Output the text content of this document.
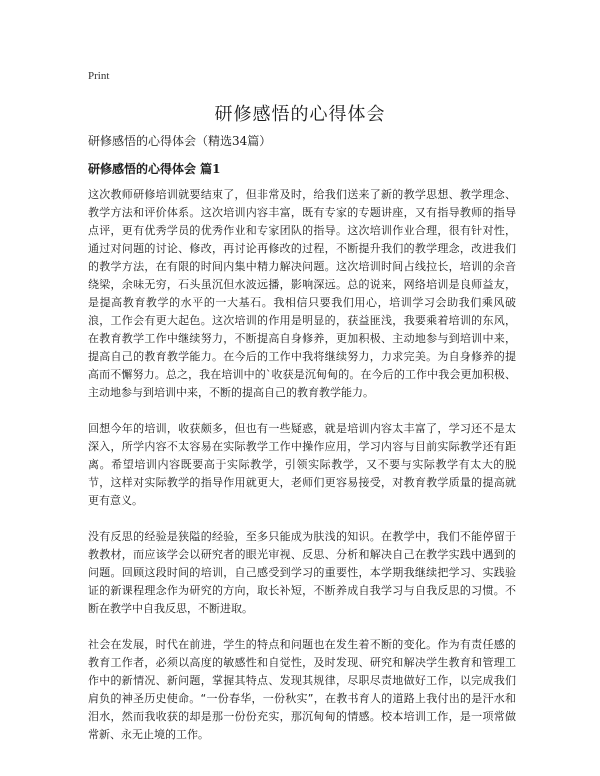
Print
研修感悟的心得体会

研修感悟的心得体会（精选34篇）

研修感悟的心得体会 篇1

这次教师研修培训就要结束了，但非常及时，给我们送来了新的教学思想、教学理念、教学方法和评价体系。这次培训内容丰富，既有专家的专题讲座，又有指导教师的指导点评，更有优秀学员的优秀作业和专家团队的指导。这次培训作业合理，很有针对性，通过对问题的讨论、修改，再讨论再修改的过程，不断提升我们的教学理念，改进我们的教学方法，在有限的时间内集中精力解决问题。这次培训时间占线拉长，培训的余音绕梁，余味无穷，石头虽沉但水波远播，影响深远。总的说来，网络培训是良师益友，是提高教育教学的水平的一大基石。我相信只要我们用心，培训学习会助我们乘风破浪，工作会有更大起色。这次培训的作用是明显的，获益匪浅，我要乘着培训的东风，在教育教学工作中继续努力，不断提高自身修养，更加积极、主动地参与到培训中来，提高自己的教育教学能力。在今后的工作中我将继续努力，力求完美。为自身修养的提高而不懈努力。总之，我在培训中的`收获是沉甸甸的。在今后的工作中我会更加积极、主动地参与到培训中来，不断的提高自己的教育教学能力。

回想今年的培训，收获颇多，但也有一些疑惑，就是培训内容太丰富了，学习还不是太深入，所学内容不太容易在实际教学工作中操作应用，学习内容与目前实际教学还有距离。希望培训内容既要高于实际教学，引领实际教学，又不要与实际教学有太大的脱节，这样对实际教学的指导作用就更大，老师们更容易接受，对教育教学质量的提高就更有意义。

没有反思的经验是狭隘的经验，至多只能成为肤浅的知识。在教学中，我们不能停留于教教材，而应该学会以研究者的眼光审视、反思、分析和解决自己在教学实践中遇到的问题。回顾这段时间的培训，自己感受到学习的重要性，本学期我继续把学习、实践验证的新课程理念作为研究的方向，取长补短，不断养成自我学习与自我反思的习惯。不断在教学中自我反思，不断进取。

社会在发展，时代在前进，学生的特点和问题也在发生着不断的变化。作为有责任感的教育工作者，必须以高度的敏感性和自觉性，及时发现、研究和解决学生教育和管理工作中的新情况、新问题，掌握其特点、发现其规律，尽职尽责地做好工作，以完成我们肩负的神圣历史使命。“一份春华，一份秋实”，在教书育人的道路上我付出的是汗水和泪水，然而我收获的却是那一份份充实，那沉甸甸的情感。校本培训工作，是一项常做常新、永无止境的工作。
